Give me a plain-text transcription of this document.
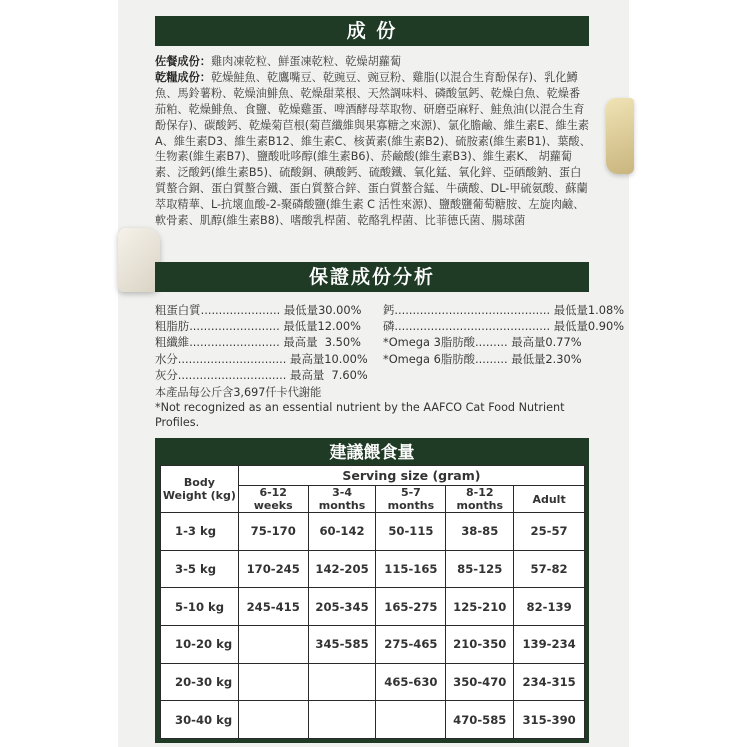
成 份

佐餐成份：雞肉凍乾粒、鮮蛋凍乾粒、乾燥胡蘿蔔

乾糧成份：乾燥鮭魚、乾鷹嘴豆、乾豌豆、豌豆粉、雞脂(以混合生育酚保存)、乳化鱒魚、馬鈴薯粉、乾燥油鯡魚、乾燥甜菜根、天然調味料、磷酸氫鈣、乾燥白魚、乾燥番茄粕、乾燥鯡魚、食鹽、乾燥雞蛋、啤酒酵母萃取物、研磨亞麻籽、鮭魚油(以混合生育酚保存)、碳酸鈣、乾燥菊苣根(菊苣纖維與果寡糖之來源)、氯化膽鹼、維生素E、維生素A、維生素D3、維生素B12、維生素C、核黃素(維生素B2)、硫胺素(維生素B1)、葉酸、生物素(維生素B7)、鹽酸吡哆醇(維生素B6)、菸鹼酸(維生素B3)、維生素K、 胡蘿蔔素、泛酸鈣(維生素B5)、硫酸銅、碘酸鈣、硫酸鐵、氧化錳、氧化鋅、亞硒酸鈉、蛋白質螯合銅、蛋白質螯合鐵、蛋白質螯合鋅、蛋白質螯合錳、牛磺酸、DL-甲硫氨酸、蘇蘭萃取精華、L-抗壞血酸-2-聚磷酸鹽(維生素 C 活性來源)、鹽酸鹽葡萄糖胺、左旋肉鹼、軟骨素、肌醇(維生素B8)、嗜酸乳桿菌、乾酪乳桿菌、比菲德氏菌、腸球菌

保證成份分析
粗蛋白質...................... 最低量30.00%
粗脂肪......................... 最低量12.00%
粗纖維......................... 最高量 3.50%
水分.............................. 最高量10.00%
灰分.............................. 最高量 7.60%
鈣........................................... 最低量1.08%
磷........................................... 最低量0.90%
*Omega 3脂肪酸......... 最高量0.77%
*Omega 6脂肪酸......... 最低量2.30%

本產品每公斤含3,697仟卡代謝能

*Not recognized as an essential nutrient by the AAFCO Cat Food Nutrient Profiles.

建議餵食量
Body
Weight (kg)	Serving size (gram)				
	6-12 weeks	3-4 months	5-7 months	8-12 months	Adult
1-3 kg	75-170	60-142	50-115	38-85	25-57
3-5 kg	170-245	142-205	115-165	85-125	57-82
5-10 kg	245-415	205-345	165-275	125-210	82-139
10-20 kg		345-585	275-465	210-350	139-234
20-30 kg			465-630	350-470	234-315
30-40 kg				470-585	315-390
